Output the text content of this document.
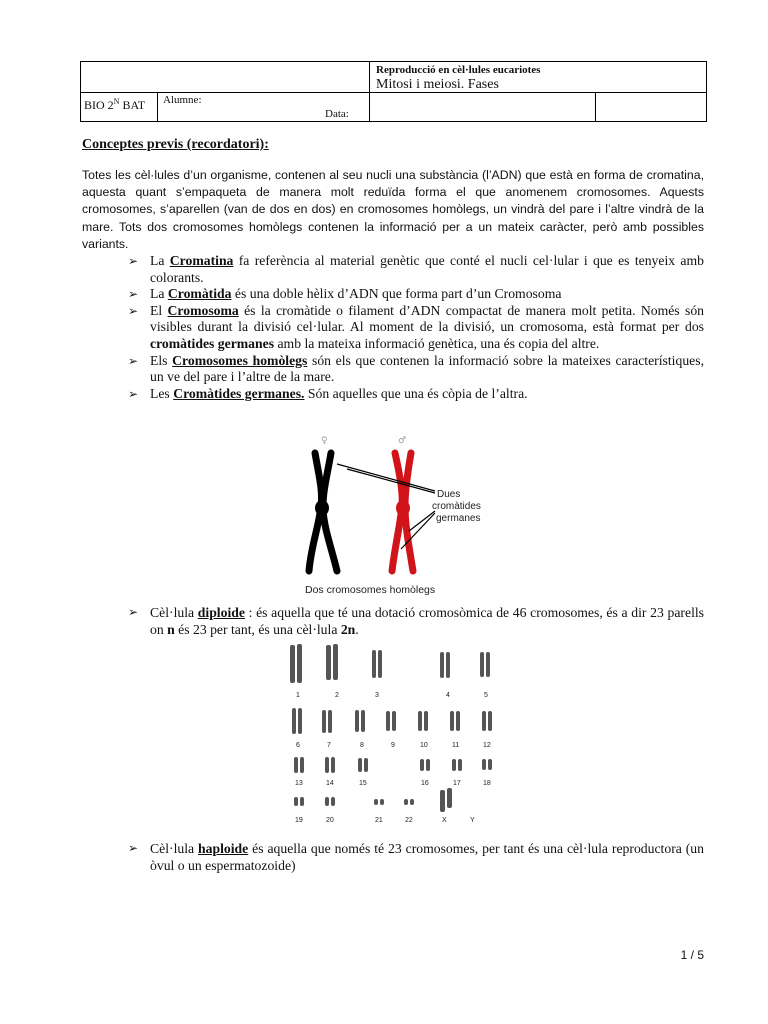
Reproducció en cèl·lules eucariotes
Mitosi i meiosi. Fases
BIO $2^N$ BAT Alumne:
Data:
Conceptes previs (recordatori):
Totes les cèl·lules d’un organisme, contenen al seu nucli una substància (l’ADN) que està en forma de cromatina, aquesta quant s’empaqueta de manera molt reduïda forma el que anomenem cromosomes. Aquests cromosomes, s’aparellen (van de dos en dos) en cromosomes homòlegs, un vindrà del pare i l’altre vindrà de la mare. Tots dos cromosomes homòlegs contenen la informació per a un mateix caràcter, però amb possibles variants.
➢ La Cromatina fa referència al material genètic que conté el nucli cel·lular i que es tenyeix amb colorants.
➢ La Cromàtida és una doble hèlix d’ADN que forma part d’un Cromosoma
➢ El Cromosoma és la cromàtide o filament d’ADN compactat de manera molt petita. Només són visibles durant la divisió cel·lular. Al moment de la divisió, un cromosoma, està format per dos cromàtides germanes amb la mateixa informació genètica, una és copia del altre.
➢ Els Cromosomes homòlegs són els que contenen la informació sobre la mateixes característiques, un ve del pare i l’altre de la mare.
➢ Les Cromàtides germanes. Són aquelles que una és còpia de l’altra.
♀	♂
Dues cromàtides germanes
Dos cromosomes homòlegs
➢ Cèl·lula diploide : és aquella que té una dotació cromosòmica de 46 cromosomes, és a dir 23 parells on n és 23 per tant, és una cèl·lula 2n.
1	2	3	4	5
6	7	8	9	10	11	12
13	14	15	16	17	18
19	20	21	22	X	Y
➢ Cèl·lula haploide és aquella que només té 23 cromosomes, per tant és una cèl·lula reproductora (un òvul o un espermatozoide)
1 / 5
